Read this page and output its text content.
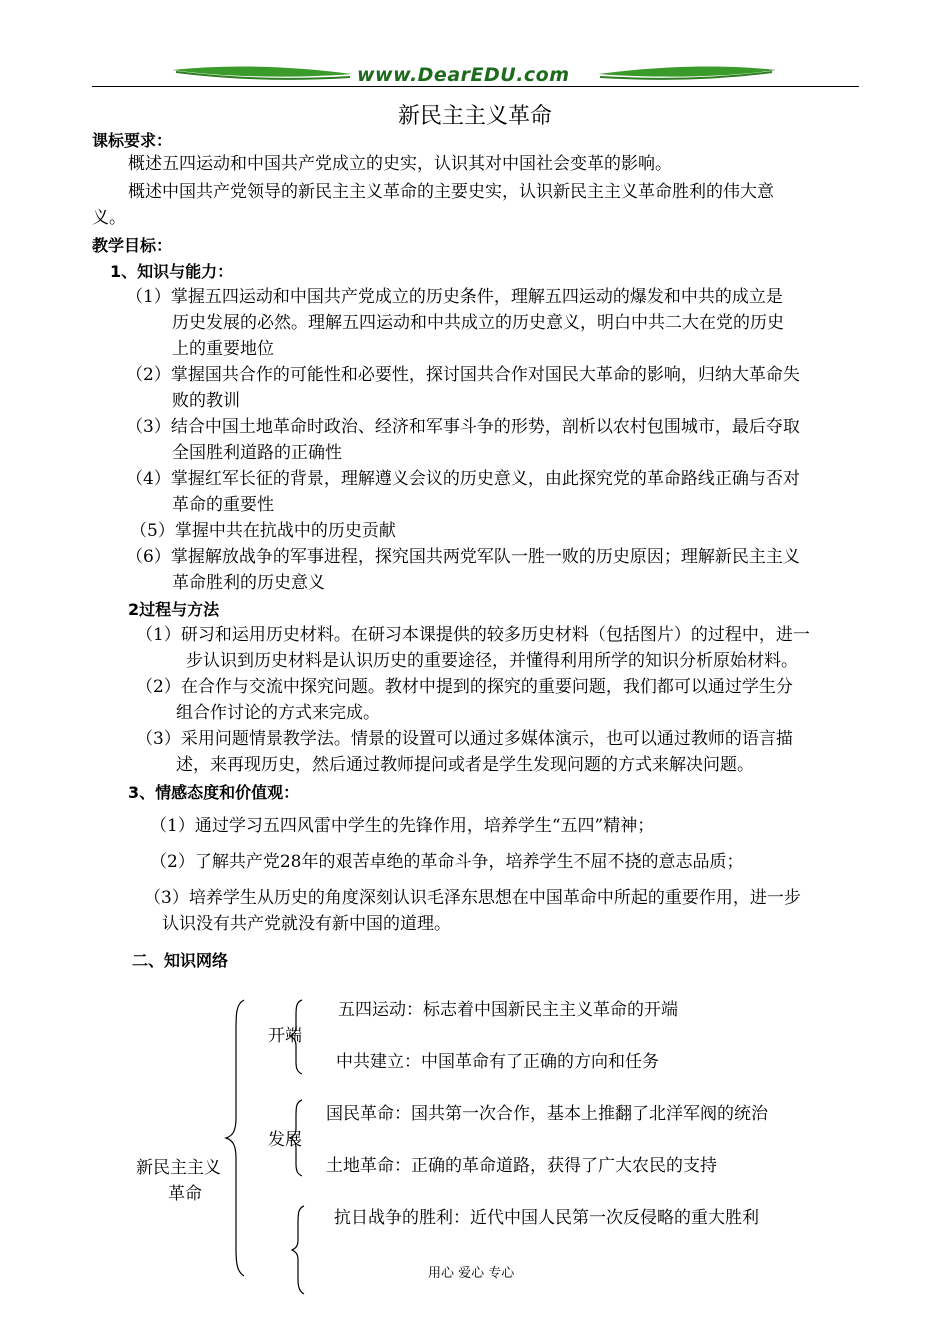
www.DearEDU.com
新民主主义革命
课标要求：
概述五四运动和中国共产党成立的史实，认识其对中国社会变革的影响。
概述中国共产党领导的新民主主义革命的主要史实，认识新民主主义革命胜利的伟大意
义。
教学目标：
1、知识与能力：
（1）掌握五四运动和中国共产党成立的历史条件，理解五四运动的爆发和中共的成立是
历史发展的必然。理解五四运动和中共成立的历史意义，明白中共二大在党的历史
上的重要地位
（2）掌握国共合作的可能性和必要性，探讨国共合作对国民大革命的影响，归纳大革命失
败的教训
（3）结合中国土地革命时政治、经济和军事斗争的形势，剖析以农村包围城市，最后夺取
全国胜利道路的正确性
（4）掌握红军长征的背景，理解遵义会议的历史意义，由此探究党的革命路线正确与否对
革命的重要性
（5）掌握中共在抗战中的历史贡献
（6）掌握解放战争的军事进程，探究国共两党军队一胜一败的历史原因；理解新民主主义
革命胜利的历史意义
2过程与方法
（1）研习和运用历史材料。在研习本课提供的较多历史材料（包括图片）的过程中，进一
步认识到历史材料是认识历史的重要途径，并懂得利用所学的知识分析原始材料。
（2）在合作与交流中探究问题。教材中提到的探究的重要问题，我们都可以通过学生分
组合作讨论的方式来完成。
（3）采用问题情景教学法。情景的设置可以通过多媒体演示，也可以通过教师的语言描
述，来再现历史，然后通过教师提问或者是学生发现问题的方式来解决问题。
3、情感态度和价值观：
（1）通过学习五四风雷中学生的先锋作用，培养学生“五四”精神；
（2）了解共产党28年的艰苦卓绝的革命斗争，培养学生不屈不挠的意志品质；
（3）培养学生从历史的角度深刻认识毛泽东思想在中国革命中所起的重要作用，进一步
认识没有共产党就没有新中国的道理。
二、知识网络
新民主主义
革命
开端
五四运动：标志着中国新民主主义革命的开端
中共建立：中国革命有了正确的方向和任务
发展
国民革命：国共第一次合作，基本上推翻了北洋军阀的统治
土地革命：正确的革命道路，获得了广大农民的支持
抗日战争的胜利：近代中国人民第一次反侵略的重大胜利
用心 爱心 专心
